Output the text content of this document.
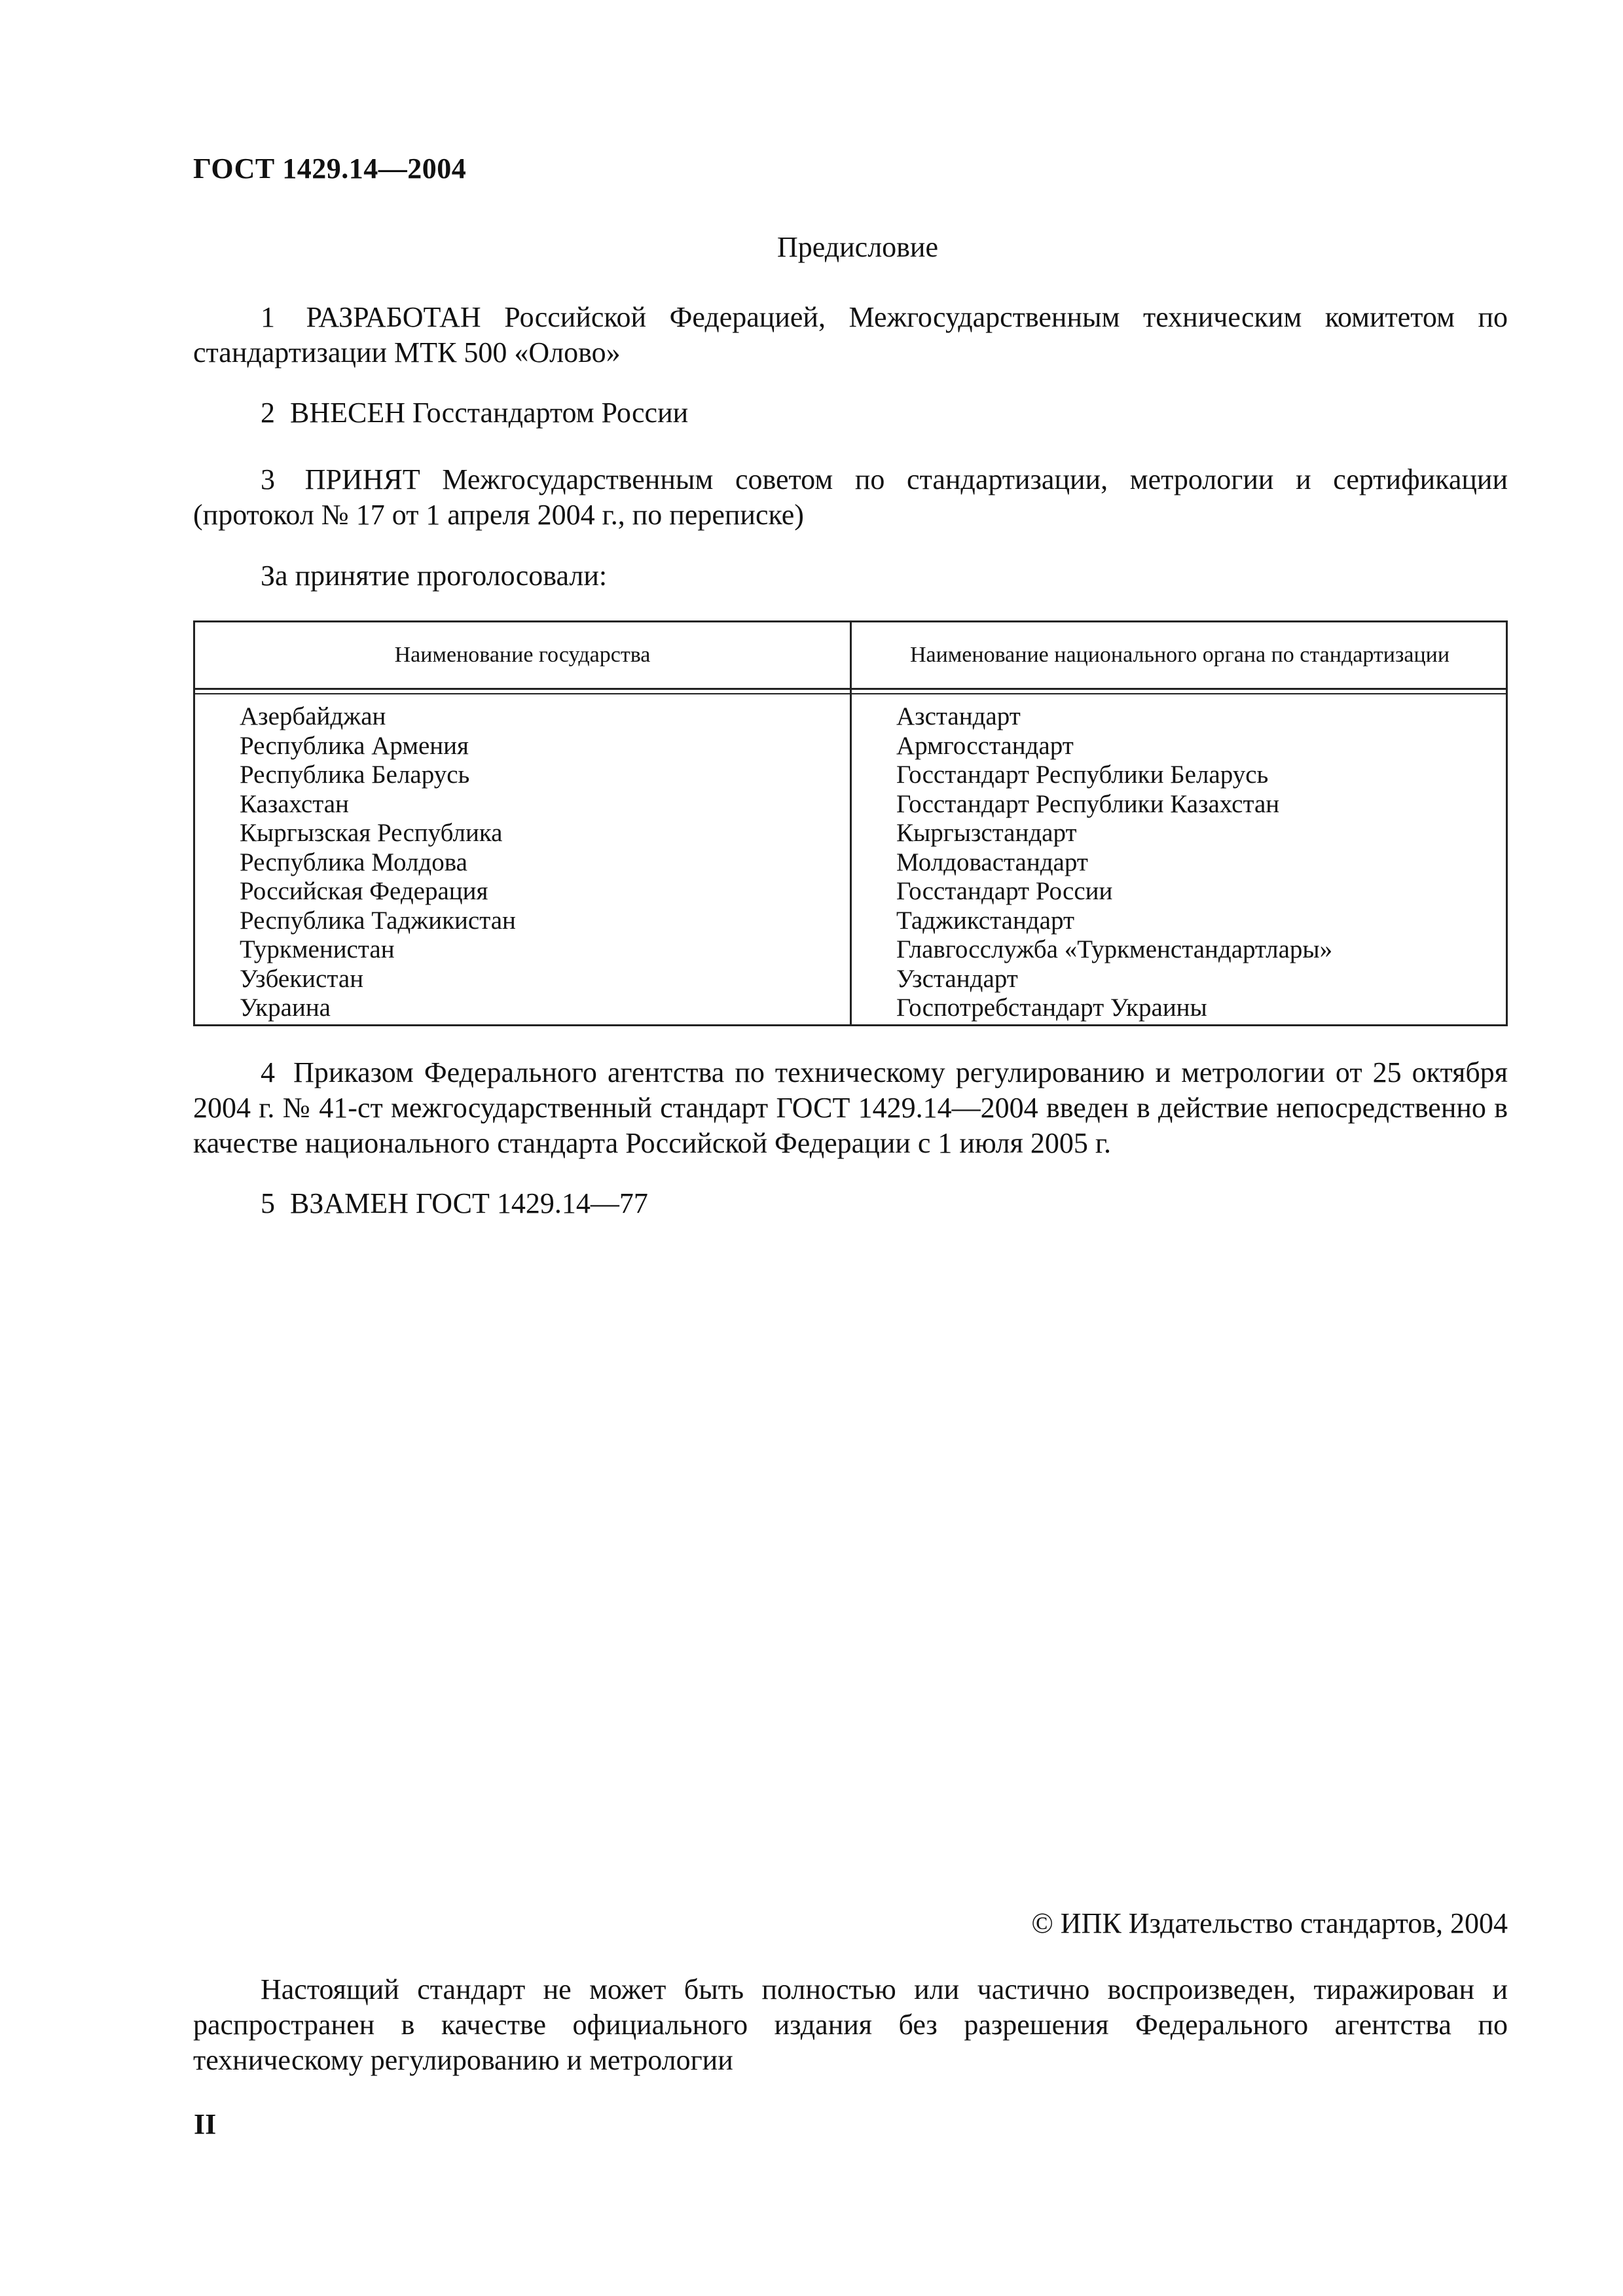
ГОСТ 1429.14—2004
Предисловие

1 РАЗРАБОТАН Российской Федерацией, Межгосударственным техническим комитетом по стандартизации МТК 500 «Олово»

2 ВНЕСЕН Госстандартом России

3 ПРИНЯТ Межгосударственным советом по стандартизации, метрологии и сертификации (протокол № 17 от 1 апреля 2004 г., по переписке)

За принятие проголосовали:

Наименование государства	Наименование национального органа по стандартизации
Азербайджан
Республика Армения
Республика Беларусь
Казахстан
Кыргызская Республика
Республика Молдова
Российская Федерация
Республика Таджикистан
Туркменистан
Узбекистан
Украина
Азстандарт
Армгосстандарт
Госстандарт Республики Беларусь
Госстандарт Республики Казахстан
Кыргызстандарт
Молдовастандарт
Госстандарт России
Таджикстандарт
Главгосслужба «Туркменстандартлары»
Узстандарт
Госпотребстандарт Украины

4 Приказом Федерального агентства по техническому регулированию и метрологии от 25 октября 2004 г. № 41-ст межгосударственный стандарт ГОСТ 1429.14—2004 введен в действие непосредственно в качестве национального стандарта Российской Федерации с 1 июля 2005 г.

5 ВЗАМЕН ГОСТ 1429.14—77

© ИПК Издательство стандартов, 2004

Настоящий стандарт не может быть полностью или частично воспроизведен, тиражирован и распространен в качестве официального издания без разрешения Федерального агентства по техническому регулированию и метрологии

II
